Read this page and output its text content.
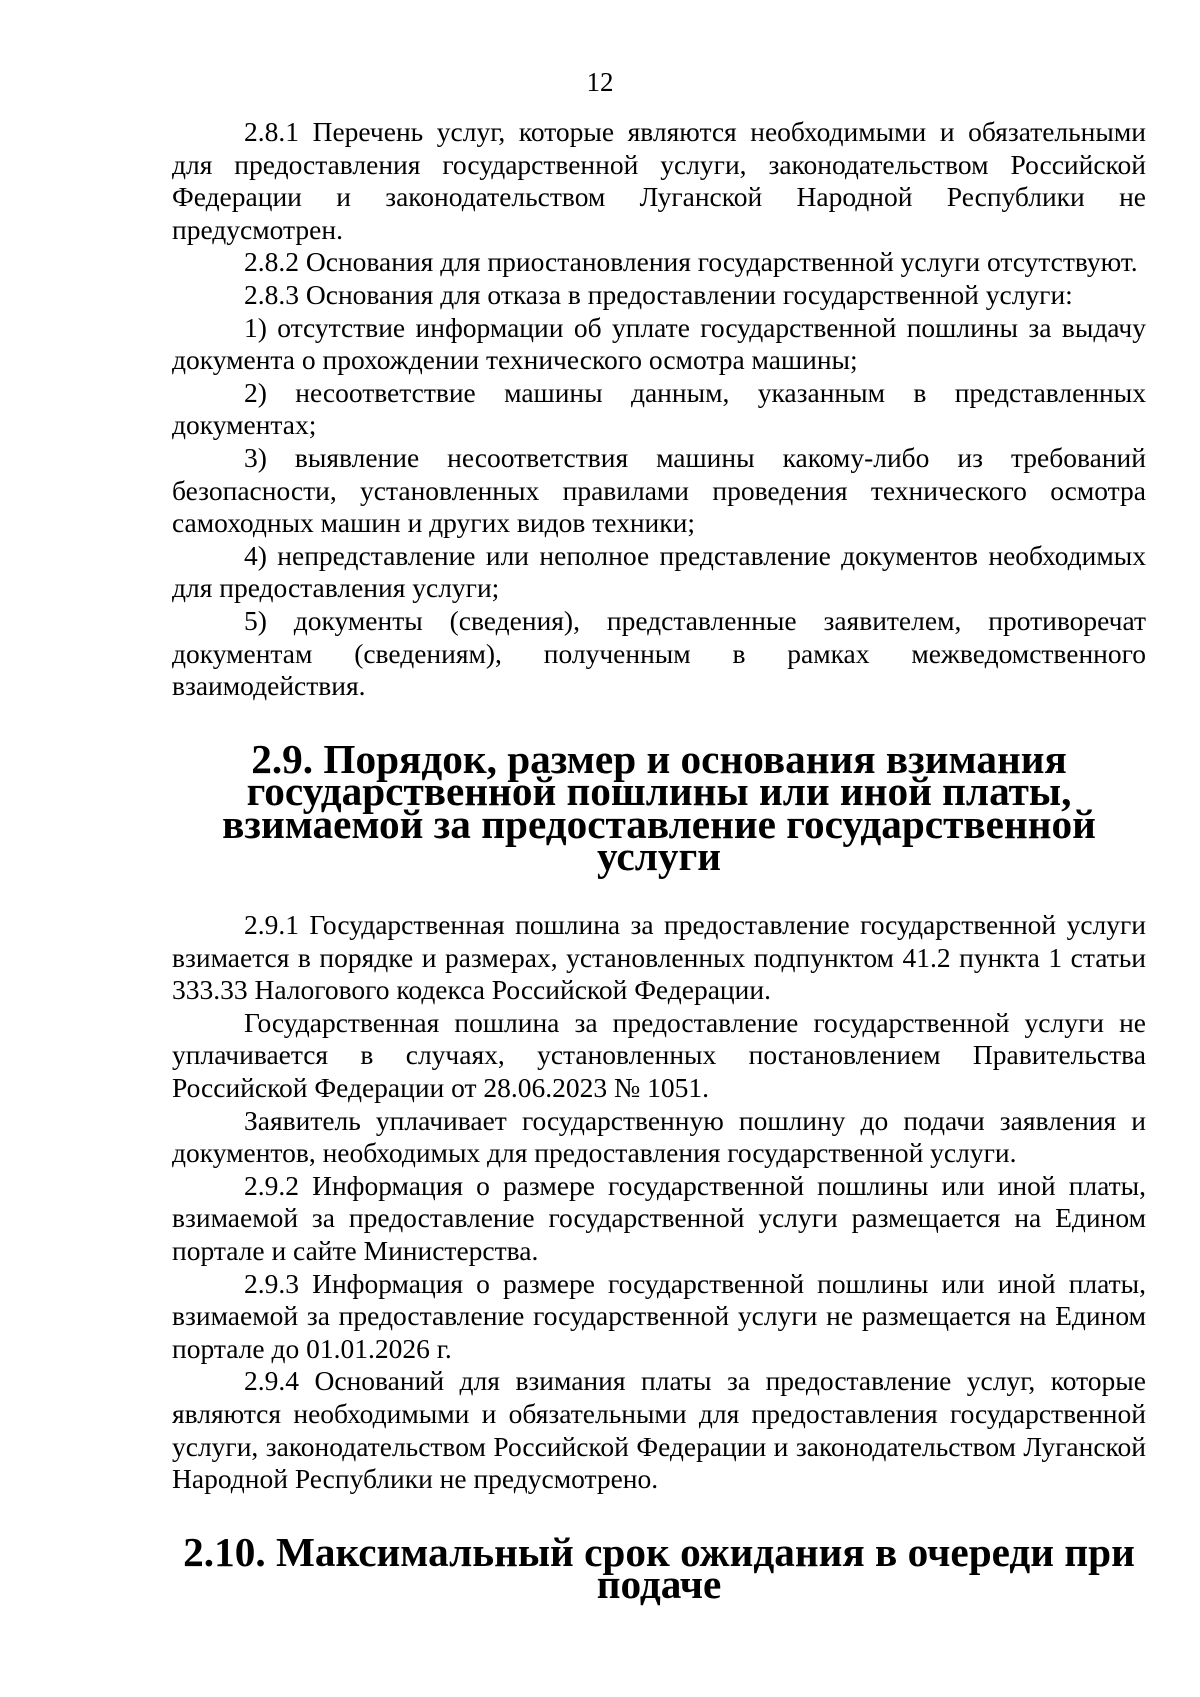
12

2.8.1 Перечень услуг, которые являются необходимыми и обязательными для предоставления государственной услуги, законодательством Российской Федерации и законодательством Луганской Народной Республики не предусмотрен.

2.8.2 Основания для приостановления государственной услуги отсутствуют.

2.8.3 Основания для отказа в предоставлении государственной услуги:

1) отсутствие информации об уплате государственной пошлины за выдачу документа о прохождении технического осмотра машины;

2) несоответствие машины данным, указанным в представленных документах;

3) выявление несоответствия машины какому-либо из требований безопасности, установленных правилами проведения технического осмотра самоходных машин и других видов техники;

4) непредставление или неполное представление документов необходимых для предоставления услуги;

5) документы (сведения), представленные заявителем, противоречат документам (сведениям), полученным в рамках межведомственного взаимодействия.

2.9. Порядок, размер и основания взимания государственной пошлины или иной платы, взимаемой за предоставление государственной услуги

2.9.1 Государственная пошлина за предоставление государственной услуги взимается в порядке и размерах, установленных подпунктом 41.2 пункта 1 статьи 333.33 Налогового кодекса Российской Федерации.

Государственная пошлина за предоставление государственной услуги не уплачивается в случаях, установленных постановлением Правительства Российской Федерации от 28.06.2023 № 1051.

Заявитель уплачивает государственную пошлину до подачи заявления и документов, необходимых для предоставления государственной услуги.

2.9.2 Информация о размере государственной пошлины или иной платы, взимаемой за предоставление государственной услуги размещается на Едином портале и сайте Министерства.

2.9.3 Информация о размере государственной пошлины или иной платы, взимаемой за предоставление государственной услуги не размещается на Едином портале до 01.01.2026 г.

2.9.4 Оснований для взимания платы за предоставление услуг, которые являются необходимыми и обязательными для предоставления государственной услуги, законодательством Российской Федерации и законодательством Луганской Народной Республики не предусмотрено.

2.10. Максимальный срок ожидания в очереди при подаче
